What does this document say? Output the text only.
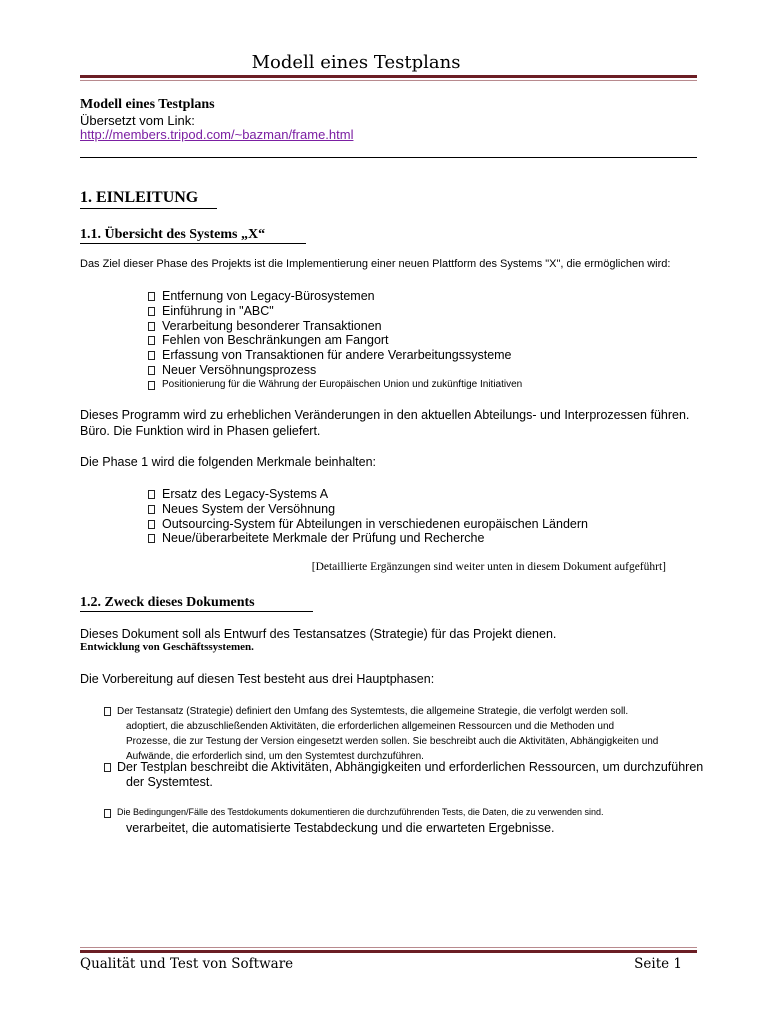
Modell eines Testplans
Modell eines Testplans
Übersetzt vom Link:
http://members.tripod.com/~bazman/frame.html
1. EINLEITUNG
1.1. Übersicht des Systems „X“
Das Ziel dieser Phase des Projekts ist die Implementierung einer neuen Plattform des Systems "X", die ermöglichen wird:
Entfernung von Legacy-Bürosystemen
Einführung in "ABC"
Verarbeitung besonderer Transaktionen
Fehlen von Beschränkungen am Fangort
Erfassung von Transaktionen für andere Verarbeitungssysteme
Neuer Versöhnungsprozess
Positionierung für die Währung der Europäischen Union und zukünftige Initiativen
Dieses Programm wird zu erheblichen Veränderungen in den aktuellen Abteilungs- und Interprozessen führen.
Büro. Die Funktion wird in Phasen geliefert.
Die Phase 1 wird die folgenden Merkmale beinhalten:
Ersatz des Legacy-Systems A
Neues System der Versöhnung
Outsourcing-System für Abteilungen in verschiedenen europäischen Ländern
Neue/überarbeitete Merkmale der Prüfung und Recherche
[Detaillierte Ergänzungen sind weiter unten in diesem Dokument aufgeführt]
1.2. Zweck dieses Dokuments
Dieses Dokument soll als Entwurf des Testansatzes (Strategie) für das Projekt dienen.
Entwicklung von Geschäftssystemen.
Die Vorbereitung auf diesen Test besteht aus drei Hauptphasen:
Der Testansatz (Strategie) definiert den Umfang des Systemtests, die allgemeine Strategie, die verfolgt werden soll.
adoptiert, die abzuschließenden Aktivitäten, die erforderlichen allgemeinen Ressourcen und die Methoden und
Prozesse, die zur Testung der Version eingesetzt werden sollen. Sie beschreibt auch die Aktivitäten, Abhängigkeiten und
Aufwände, die erforderlich sind, um den Systemtest durchzuführen.
Der Testplan beschreibt die Aktivitäten, Abhängigkeiten und erforderlichen Ressourcen, um durchzuführen
der Systemtest.
Die Bedingungen/Fälle des Testdokuments dokumentieren die durchzuführenden Tests, die Daten, die zu verwenden sind.
verarbeitet, die automatisierte Testabdeckung und die erwarteten Ergebnisse.
Qualität und Test von Software	Seite 1
